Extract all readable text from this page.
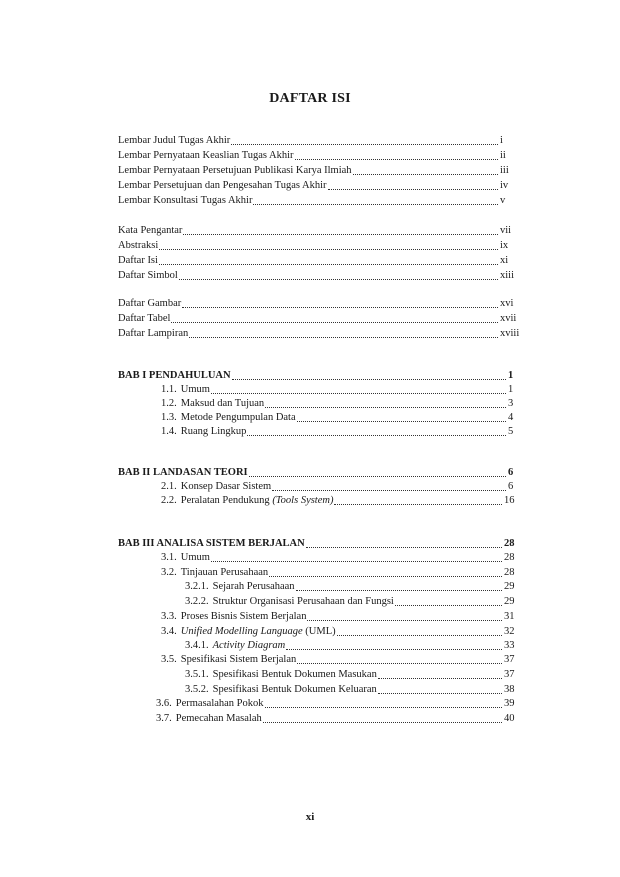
DAFTAR ISI
Lembar Judul Tugas Akhir	i
Lembar Pernyataan Keaslian Tugas Akhir	ii
Lembar Pernyataan Persetujuan Publikasi Karya Ilmiah	iii
Lembar Persetujuan dan Pengesahan Tugas Akhir	iv
Lembar Konsultasi Tugas Akhir	v
Kata Pengantar	vii
Abstraksi	ix
Daftar Isi	xi
Daftar Simbol	xiii
Daftar Gambar	xvi
Daftar Tabel	xvii
Daftar Lampiran	xviii
BAB I PENDAHULUAN	1
1.1. Umum	1
1.2. Maksud dan Tujuan	3
1.3. Metode Pengumpulan Data	4
1.4. Ruang Lingkup	5
BAB II LANDASAN TEORI	6
2.1. Konsep Dasar Sistem	6
2.2. Peralatan Pendukung (Tools System)	16
BAB III ANALISA SISTEM BERJALAN	28
3.1. Umum	28
3.2. Tinjauan Perusahaan	28
3.2.1. Sejarah Perusahaan	29
3.2.2. Struktur Organisasi Perusahaan dan Fungsi	29
3.3. Proses Bisnis Sistem Berjalan	31
3.4. Unified Modelling Language (UML)	32
3.4.1. Activity Diagram	33
3.5. Spesifikasi Sistem Berjalan	37
3.5.1. Spesifikasi Bentuk Dokumen Masukan	37
3.5.2. Spesifikasi Bentuk Dokumen Keluaran	38
3.6. Permasalahan Pokok	39
3.7. Pemecahan Masalah	40
xi
